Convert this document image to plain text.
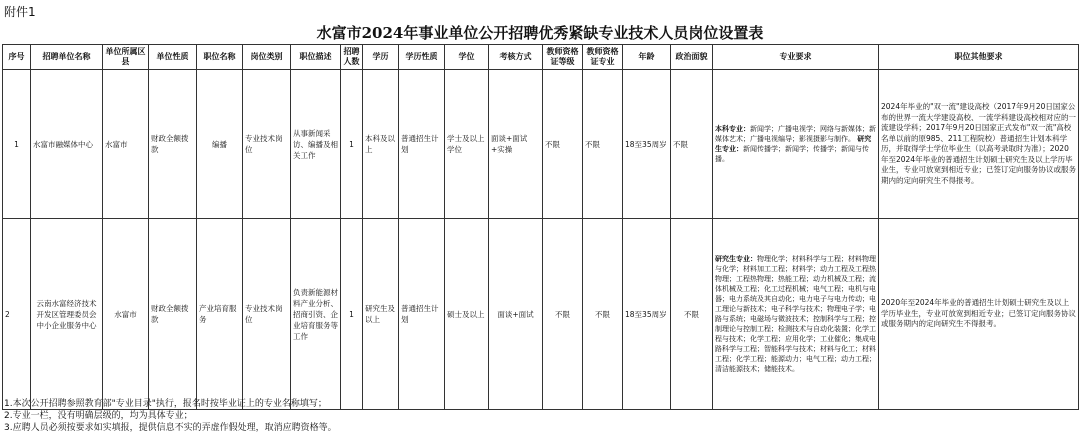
附件1
水富市2024年事业单位公开招聘优秀紧缺专业技术人员岗位设置表
序号	招聘单位名称	单位所属区县	单位性质	职位名称	岗位类别	职位描述	招聘人数	学历	学历性质	学位	考核方式	教师资格证等级	教师资格证专业	年龄	政治面貌	专业要求	职位其他要求
1	水富市融媒体中心	水富市	财政全额拨款	编播	专业技术岗位	从事新闻采访、编播及相关工作	1	本科及以上	普通招生计划	学士及以上学位	面谈+面试+实操	不限	不限	18至35周岁	不限	本科专业：新闻学；广播电视学；网络与新媒体；新媒体艺术；广播电视编导；影视摄影与制作。 研究生专业：新闻传播学；新闻学；传播学；新闻与传播。	2024年毕业的"双一流"建设高校（2017年9月20日国家公布的世界一流大学建设高校、一流学科建设高校相对应的一流建设学科；2017年9月20日国家正式发布"双一流"高校名单以前的原985、211工程院校）普通招生计划本科学历，并取得学士学位毕业生（以高考录取时为准）；2020年至2024年毕业的普通招生计划硕士研究生及以上学历毕业生，专业可放宽到相近专业；已签订定向服务协议或服务期内的定向研究生不得报考。
2	云南水富经济技术开发区管理委员会中小企业服务中心	水富市	财政全额拨款	产业培育服务	专业技术岗位	负责新能源材料产业分析、招商引资、企业培育服务等工作	1	研究生及以上	普通招生计划	硕士及以上	面谈+面试	不限	不限	18至35周岁	不限	研究生专业：物理化学；材料科学与工程；材料物理与化学；材料加工工程；材料学；动力工程及工程热物理；工程热物理；热能工程；动力机械及工程；流体机械及工程；化工过程机械；电气工程；电机与电器；电力系统及其自动化；电力电子与电力传动；电工理论与新技术；电子科学与技术；物理电子学；电路与系统；电磁场与微波技术；控制科学与工程；控制理论与控制工程；检测技术与自动化装置；化学工程与技术；化学工程；应用化学；工业催化；集成电路科学与工程；智能科学与技术；材料与化工；材料工程；化学工程；能源动力；电气工程；动力工程；清洁能源技术；储能技术。	2020年至2024年毕业的普通招生计划硕士研究生及以上学历毕业生，专业可放宽到相近专业；已签订定向服务协议或服务期内的定向研究生不得报考。
1.本次公开招聘参照教育部"专业目录"执行，报名时按毕业证上的专业名称填写；
2.专业一栏，没有明确层级的，均为具体专业；
3.应聘人员必须按要求如实填报，提供信息不实的弄虚作假处理，取消应聘资格等。
